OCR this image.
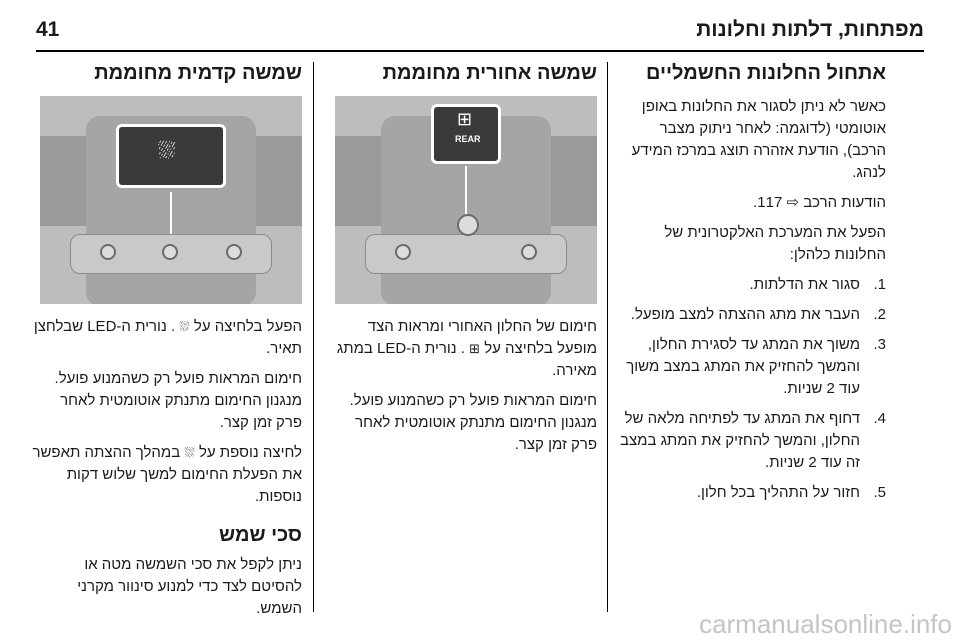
מפתחות, דלתות וחלונות
41
אתחול החלונות החשמליים

כאשר לא ניתן לסגור את החלונות באופן אוטומטי (לדוגמה: לאחר ניתוק מצבר הרכב), הודעת אזהרה תוצג במרכז המידע לנהג.

הודעות הרכב ⇨ 117.

הפעל את המערכת האלקטרונית של החלונות כלהלן:

1.
סגור את הדלתות.
2.
העבר את מתג ההצתה למצב מופעל.
3.
משוך את המתג עד לסגירת החלון, והמשך להחזיק את המתג במצב משוך עוד 2 שניות.
4.
דחוף את המתג עד לפתיחה מלאה של החלון, והמשך להחזיק את המתג במצב זה עוד 2 שניות.
5.
חזור על התהליך בכל חלון.
שמשה אחורית מחוממת
⊞
REAR

חימום של החלון האחורי ומראות הצד מופעל בלחיצה על ⊞ . נורית ה-LED במתג מאירה.

חימום המראות פועל רק כשהמנוע פועל. מנגנון החימום מתנתק אוטומטית לאחר פרק זמן קצר.

שמשה קדמית מחוממת
⛆

הפעל בלחיצה על ⛆ . נורית ה-LED שבלחצן תאיר.

חימום המראות פועל רק כשהמנוע פועל. מנגנון החימום מתנתק אוטומטית לאחר פרק זמן קצר.

לחיצה נוספת על ⛆ במהלך ההצתה תאפשר את הפעלת החימום למשך שלוש דקות נוספות.

סכי שמש

ניתן לקפל את סכי השמשה מטה או להסיטם לצד כדי למנוע סינוור מקרני השמש.

carmanualsonline.info
